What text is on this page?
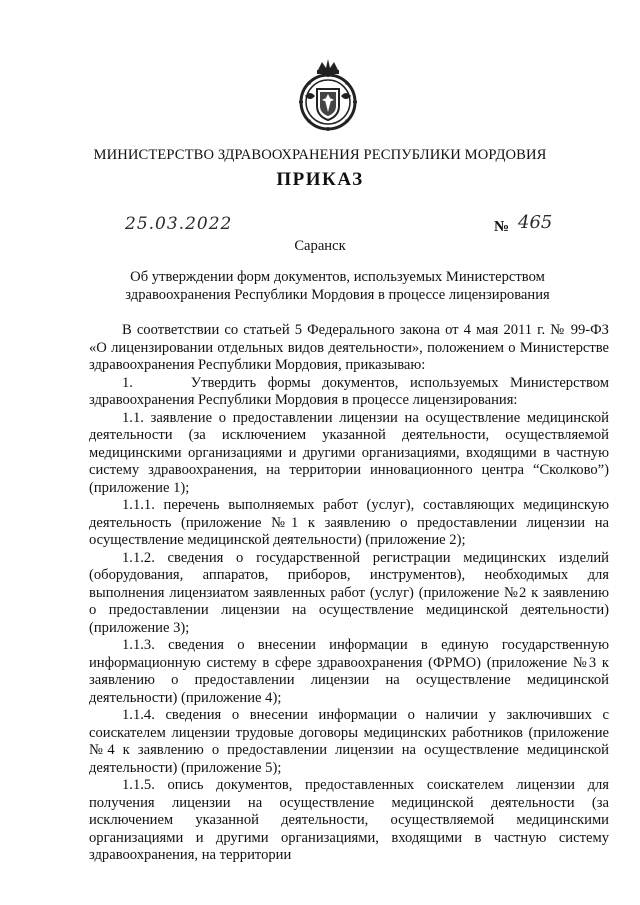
МИНИСТЕРСТВО ЗДРАВООХРАНЕНИЯ РЕСПУБЛИКИ МОРДОВИЯ
ПРИКАЗ
25.03.2022	№ 465
Саранск
Об утверждении форм документов, используемых Министерством
здравоохранения Республики Мордовия в процессе лицензирования

В соответствии со статьей 5 Федерального закона от 4 мая 2011 г. № 99-ФЗ «О лицензировании отдельных видов деятельности», положением о Министерстве здравоохранения Республики Мордовия, приказываю:

1.     Утвердить формы документов, используемых Министерством здравоохранения Республики Мордовия в процессе лицензирования:

1.1. заявление о предоставлении лицензии на осуществление медицинской деятельности (за исключением указанной деятельности, осуществляемой медицинскими организациями и другими организациями, входящими в частную систему здравоохранения, на территории инновационного центра “Сколково”) (приложение 1);

1.1.1. перечень выполняемых работ (услуг), составляющих медицинскую деятельность (приложение №1 к заявлению о предоставлении лицензии на осуществление медицинской деятельности) (приложение 2);

1.1.2. сведения о государственной регистрации медицинских изделий (оборудования, аппаратов, приборов, инструментов), необходимых для выполнения лицензиатом заявленных работ (услуг) (приложение №2 к заявлению о предоставлении лицензии на осуществление медицинской деятельности) (приложение 3);

1.1.3. сведения о внесении информации в единую государственную информационную систему в сфере здравоохранения (ФРМО) (приложение №3 к заявлению о предоставлении лицензии на осуществление медицинской деятельности) (приложение 4);

1.1.4. сведения о внесении информации о наличии у заключивших с соискателем лицензии трудовые договоры медицинских работников (приложение №4 к заявлению о предоставлении лицензии на осуществление медицинской деятельности) (приложение 5);

1.1.5. опись документов, предоставленных соискателем лицензии для получения лицензии на осуществление медицинской деятельности (за исключением указанной деятельности, осуществляемой медицинскими организациями и другими организациями, входящими в частную систему здравоохранения, на территории
